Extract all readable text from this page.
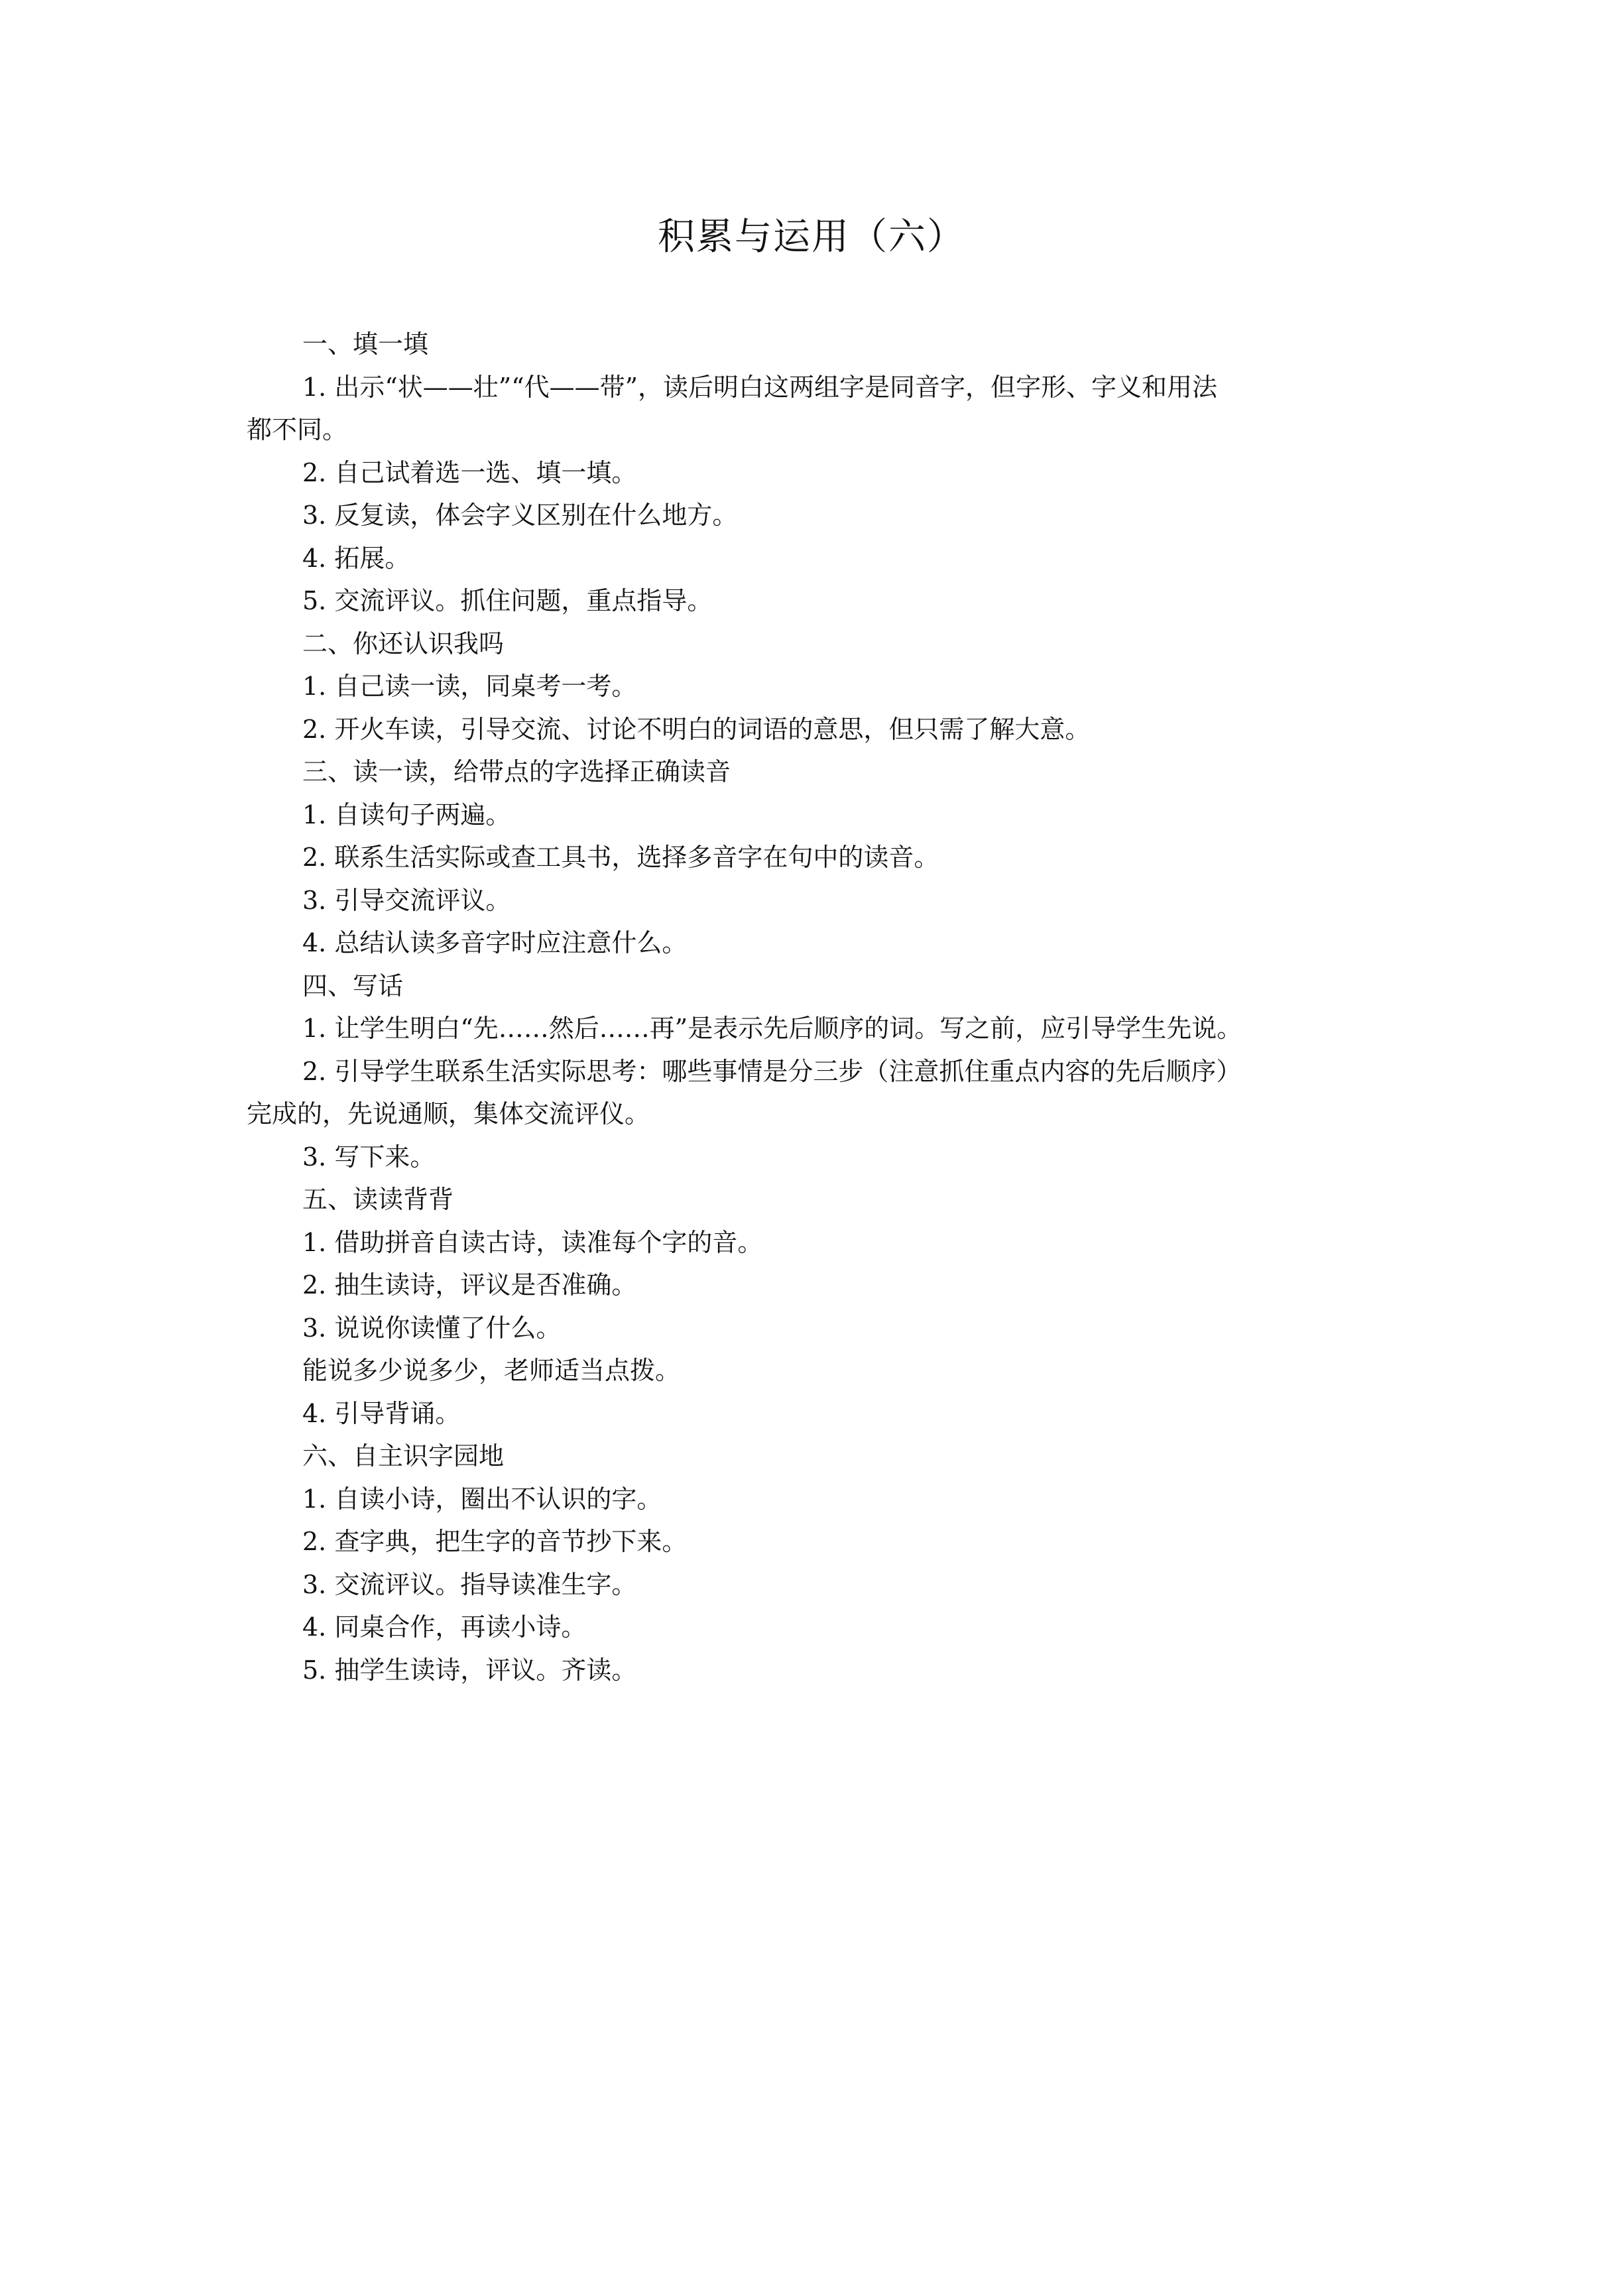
积累与运用（六）
一、填一填
1. 出示“状——壮”“代——带”，读后明白这两组字是同音字，但字形、字义和用法
都不同。
2. 自己试着选一选、填一填。
3. 反复读，体会字义区别在什么地方。
4. 拓展。
5. 交流评议。抓住问题，重点指导。
二、你还认识我吗
1. 自己读一读，同桌考一考。
2. 开火车读，引导交流、讨论不明白的词语的意思，但只需了解大意。
三、读一读，给带点的字选择正确读音
1. 自读句子两遍。
2. 联系生活实际或查工具书，选择多音字在句中的读音。
3. 引导交流评议。
4. 总结认读多音字时应注意什么。
四、写话
1. 让学生明白“先……然后……再”是表示先后顺序的词。写之前，应引导学生先说。
2. 引导学生联系生活实际思考：哪些事情是分三步（注意抓住重点内容的先后顺序）
完成的，先说通顺，集体交流评仪。
3. 写下来。
五、读读背背
1. 借助拼音自读古诗，读准每个字的音。
2. 抽生读诗，评议是否准确。
3. 说说你读懂了什么。
能说多少说多少，老师适当点拨。
4. 引导背诵。
六、自主识字园地
1. 自读小诗，圈出不认识的字。
2. 查字典，把生字的音节抄下来。
3. 交流评议。指导读准生字。
4. 同桌合作，再读小诗。
5. 抽学生读诗，评议。齐读。
